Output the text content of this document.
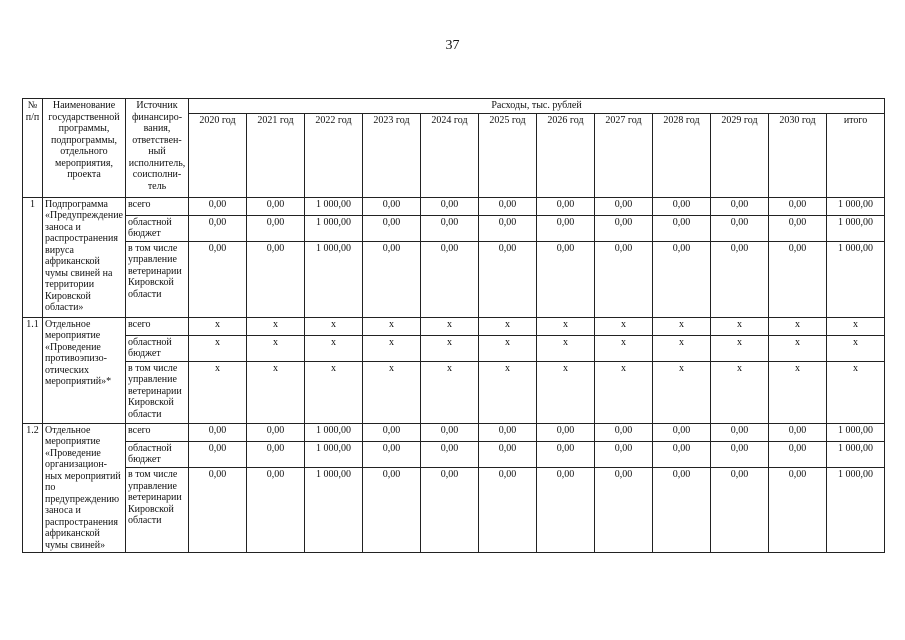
37
№ п/п	Наименование государственной программы, подпрограммы, отдельного мероприятия, проекта	Источник финансиро-вания, ответствен-ный исполнитель, соисполни-тель	Расходы, тыс. рублей											
			2020 год	2021 год	2022 год	2023 год	2024 год	2025 год	2026 год	2027 год	2028 год	2029 год	2030 год	итого
1	Подпрограмма «Предупреждение заноса и распространения вируса африканской чумы свиней на территории Кировской области»	всего	0,00	0,00	1 000,00	0,00	0,00	0,00	0,00	0,00	0,00	0,00	0,00	1 000,00
		областной бюджет	0,00	0,00	1 000,00	0,00	0,00	0,00	0,00	0,00	0,00	0,00	0,00	1 000,00
		в том числе управление ветеринарии Кировской области	0,00	0,00	1 000,00	0,00	0,00	0,00	0,00	0,00	0,00	0,00	0,00	1 000,00
1.1	Отдельное мероприятие «Проведение противоэпизо-отических мероприятий»*	всего	x	x	x	x	x	x	x	x	x	x	x	x
		областной бюджет	x	x	x	x	x	x	x	x	x	x	x	x
		в том числе управление ветеринарии Кировской области	x	x	x	x	x	x	x	x	x	x	x	x
1.2	Отдельное мероприятие «Проведение организацион-ных мероприятий по предупреждению заноса и распространения африканской чумы свиней»	всего	0,00	0,00	1 000,00	0,00	0,00	0,00	0,00	0,00	0,00	0,00	0,00	1 000,00
		областной бюджет	0,00	0,00	1 000,00	0,00	0,00	0,00	0,00	0,00	0,00	0,00	0,00	1 000,00
		в том числе управление ветеринарии Кировской области	0,00	0,00	1 000,00	0,00	0,00	0,00	0,00	0,00	0,00	0,00	0,00	1 000,00
